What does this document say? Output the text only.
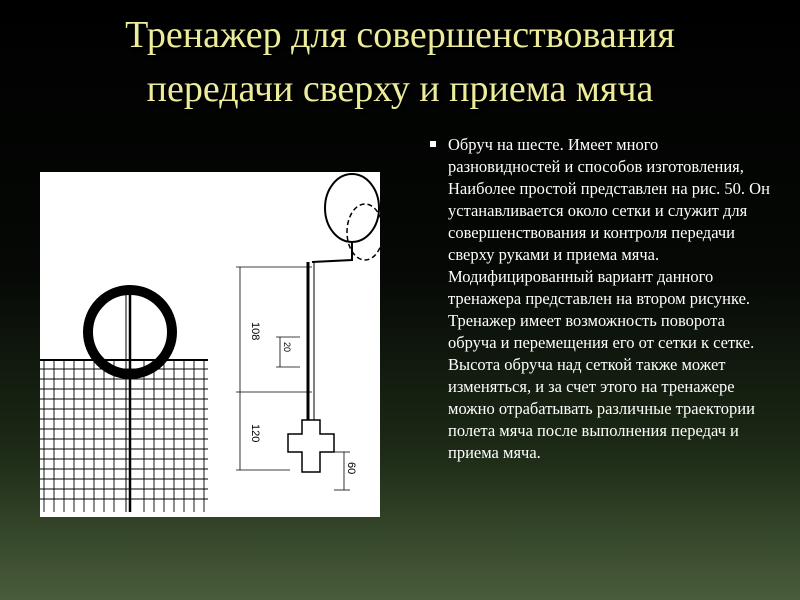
Тренажер для совершенствования
передачи сверху и приема мяча
108
120
20
60
Обруч на шесте. Имеет много разновидностей и способов изготовления, Наиболее простой представлен на рис. 50. Он устанавливается около сетки и служит для совершенствования и контроля передачи сверху руками и приема мяча.
Модифицированный вариант данного тренажера представлен на втором рисунке. Тренажер имеет возможность поворота обруча и перемещения его от сетки к сетке. Высота обруча над сеткой также может изменяться, и за счет этого на тренажере можно отрабатывать различные траектории полета мяча после выполнения передач и приема мяча.
